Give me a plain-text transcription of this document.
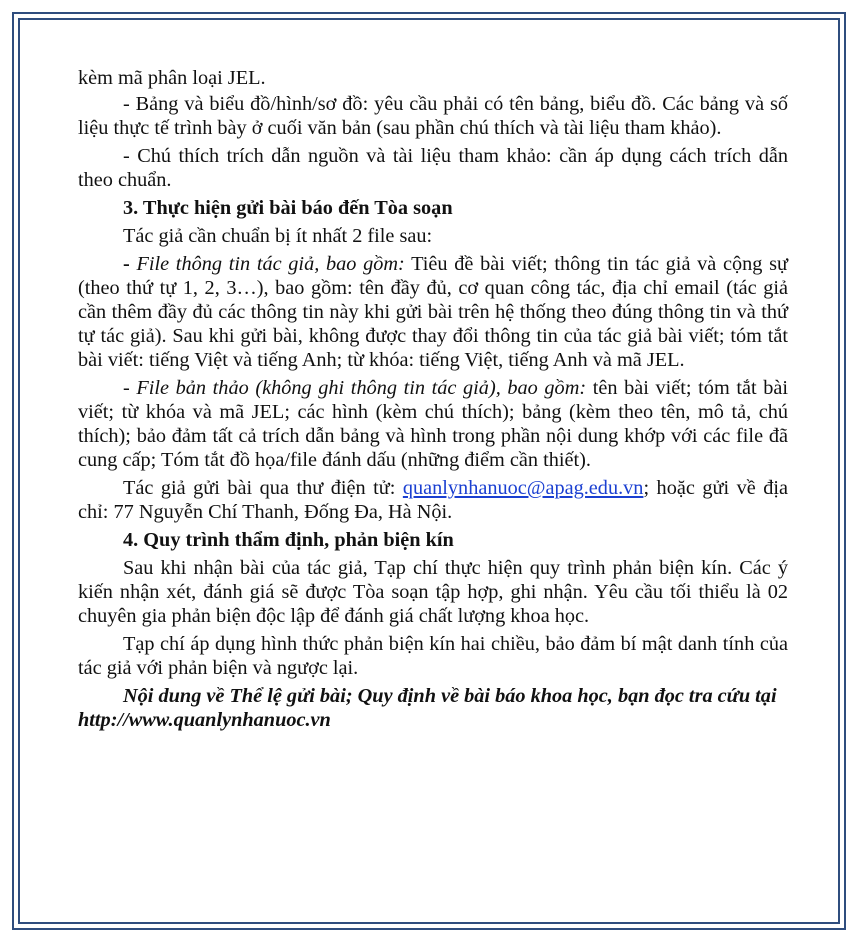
kèm mã phân loại JEL.

- Bảng và biểu đồ/hình/sơ đồ: yêu cầu phải có tên bảng, biểu đồ. Các bảng và số liệu thực tế trình bày ở cuối văn bản (sau phần chú thích và tài liệu tham khảo).

- Chú thích trích dẫn nguồn và tài liệu tham khảo: cần áp dụng cách trích dẫn theo chuẩn.

3. Thực hiện gửi bài báo đến Tòa soạn

Tác giả cần chuẩn bị ít nhất 2 file sau:

- File thông tin tác giả, bao gồm: Tiêu đề bài viết; thông tin tác giả và cộng sự (theo thứ tự 1, 2, 3…), bao gồm: tên đầy đủ, cơ quan công tác, địa chỉ email (tác giả cần thêm đầy đủ các thông tin này khi gửi bài trên hệ thống theo đúng thông tin và thứ tự tác giả). Sau khi gửi bài, không được thay đổi thông tin của tác giả bài viết; tóm tắt bài viết: tiếng Việt và tiếng Anh; từ khóa: tiếng Việt, tiếng Anh và mã JEL.

- File bản thảo (không ghi thông tin tác giả), bao gồm: tên bài viết; tóm tắt bài viết; từ khóa và mã JEL; các hình (kèm chú thích); bảng (kèm theo tên, mô tả, chú thích); bảo đảm tất cả trích dẫn bảng và hình trong phần nội dung khớp với các file đã cung cấp; Tóm tắt đồ họa/file đánh dấu (những điểm cần thiết).

Tác giả gửi bài qua thư điện tử: quanlynhanuoc@apag.edu.vn; hoặc gửi về địa chỉ: 77 Nguyễn Chí Thanh, Đống Đa, Hà Nội.

4. Quy trình thẩm định, phản biện kín

Sau khi nhận bài của tác giả, Tạp chí thực hiện quy trình phản biện kín. Các ý kiến nhận xét, đánh giá sẽ được Tòa soạn tập hợp, ghi nhận. Yêu cầu tối thiểu là 02 chuyên gia phản biện độc lập để đánh giá chất lượng khoa học.

Tạp chí áp dụng hình thức phản biện kín hai chiều, bảo đảm bí mật danh tính của tác giả với phản biện và ngược lại.

Nội dung về Thể lệ gửi bài; Quy định về bài báo khoa học, bạn đọc tra cứu tại http://www.quanlynhanuoc.vn
